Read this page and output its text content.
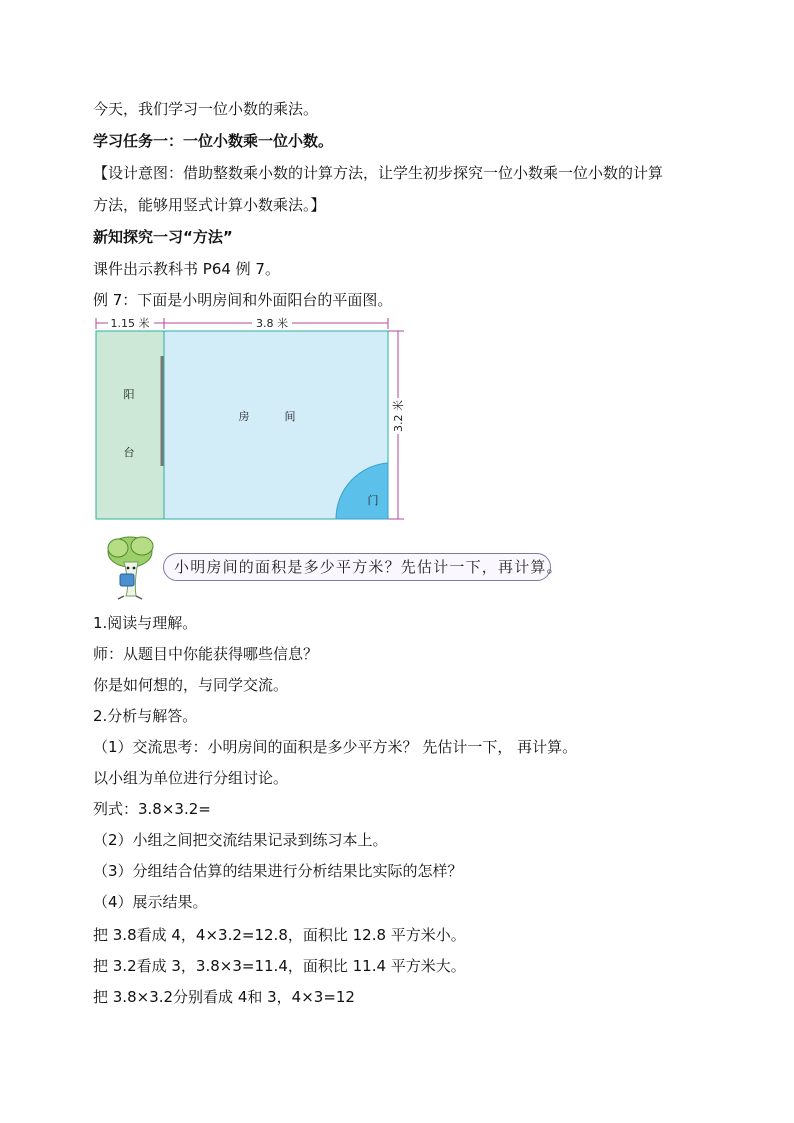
今天，我们学习一位小数的乘法。
学习任务一：一位小数乘一位小数。
【设计意图：借助整数乘小数的计算方法，让学生初步探究一位小数乘一位小数的计算
方法，能够用竖式计算小数乘法。】
新知探究一习“方法”
课件出示教科书 P64 例 7。
例 7：下面是小明房间和外面阳台的平面图。
1.15 米	3.8 米
3.2 米
阳
台
房	间
门
小明房间的面积是多少平方米？先估计一下，再计算。
1.阅读与理解。
师：从题目中你能获得哪些信息？
你是如何想的，与同学交流。
2.分析与解答。
（1）交流思考：小明房间的面积是多少平方米？ 先估计一下， 再计算。
以小组为单位进行分组讨论。
列式：3.8×3.2=
（2）小组之间把交流结果记录到练习本上。
（3）分组结合估算的结果进行分析结果比实际的怎样？
（4）展示结果。
把 3.8看成 4，4×3.2=12.8，面积比 12.8 平方米小。
把 3.2看成 3，3.8×3=11.4，面积比 11.4 平方米大。
把 3.8×3.2分别看成 4和 3，4×3=12
